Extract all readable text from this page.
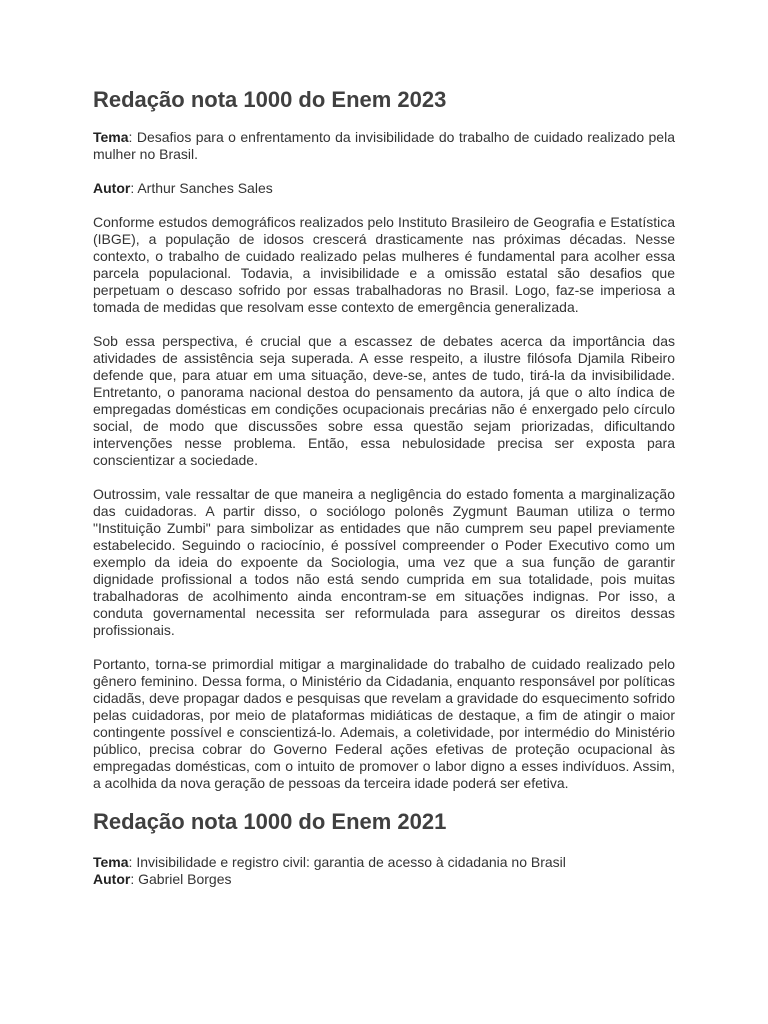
Redação nota 1000 do Enem 2023

Tema: Desafios para o enfrentamento da invisibilidade do trabalho de cuidado realizado pela mulher no Brasil.

Autor: Arthur Sanches Sales

Conforme estudos demográficos realizados pelo Instituto Brasileiro de Geografia e Estatística (IBGE), a população de idosos crescerá drasticamente nas próximas décadas. Nesse contexto, o trabalho de cuidado realizado pelas mulheres é fundamental para acolher essa parcela populacional. Todavia, a invisibilidade e a omissão estatal são desafios que perpetuam o descaso sofrido por essas trabalhadoras no Brasil. Logo, faz-se imperiosa a tomada de medidas que resolvam esse contexto de emergência generalizada.

Sob essa perspectiva, é crucial que a escassez de debates acerca da importância das atividades de assistência seja superada. A esse respeito, a ilustre filósofa Djamila Ribeiro defende que, para atuar em uma situação, deve-se, antes de tudo, tirá-la da invisibilidade. Entretanto, o panorama nacional destoa do pensamento da autora, já que o alto índica de empregadas domésticas em condições ocupacionais precárias não é enxergado pelo círculo social, de modo que discussões sobre essa questão sejam priorizadas, dificultando intervenções nesse problema. Então, essa nebulosidade precisa ser exposta para conscientizar a sociedade.

Outrossim, vale ressaltar de que maneira a negligência do estado fomenta a marginalização das cuidadoras. A partir disso, o sociólogo polonês Zygmunt Bauman utiliza o termo "Instituição Zumbi" para simbolizar as entidades que não cumprem seu papel previamente estabelecido. Seguindo o raciocínio, é possível compreender o Poder Executivo como um exemplo da ideia do expoente da Sociologia, uma vez que a sua função de garantir dignidade profissional a todos não está sendo cumprida em sua totalidade, pois muitas trabalhadoras de acolhimento ainda encontram-se em situações indignas. Por isso, a conduta governamental necessita ser reformulada para assegurar os direitos dessas profissionais.

Portanto, torna-se primordial mitigar a marginalidade do trabalho de cuidado realizado pelo gênero feminino. Dessa forma, o Ministério da Cidadania, enquanto responsável por políticas cidadãs, deve propagar dados e pesquisas que revelam a gravidade do esquecimento sofrido pelas cuidadoras, por meio de plataformas midiáticas de destaque, a fim de atingir o maior contingente possível e conscientizá-lo. Ademais, a coletividade, por intermédio do Ministério público, precisa cobrar do Governo Federal ações efetivas de proteção ocupacional às empregadas domésticas, com o intuito de promover o labor digno a esses indivíduos. Assim, a acolhida da nova geração de pessoas da terceira idade poderá ser efetiva.

Redação nota 1000 do Enem 2021

Tema: Invisibilidade e registro civil: garantia de acesso à cidadania no Brasil

Autor: Gabriel Borges
